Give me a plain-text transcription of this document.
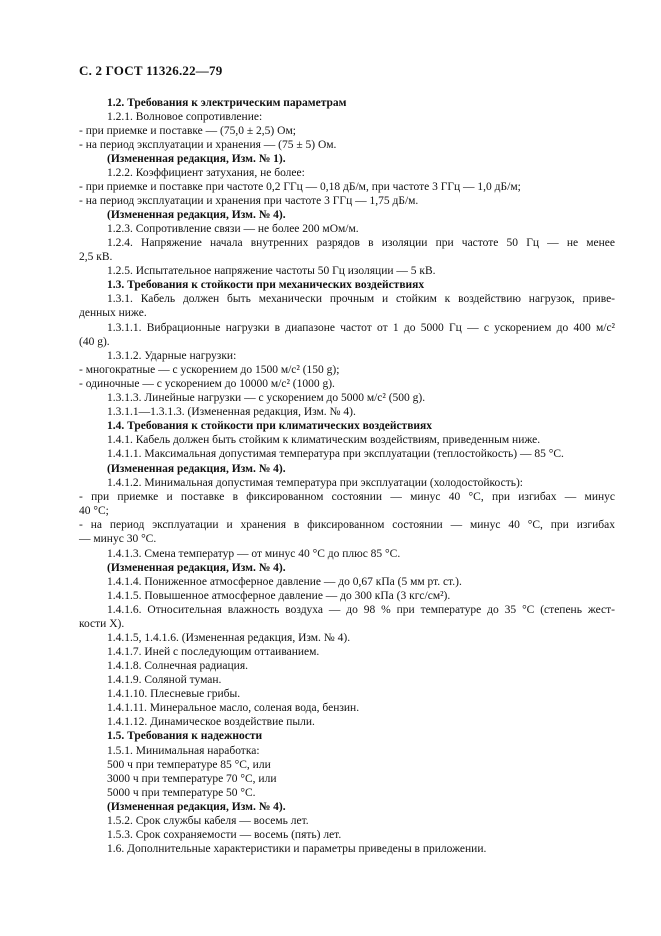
С. 2 ГОСТ 11326.22—79
1.2. Требования к электрическим параметрам
1.2.1. Волновое сопротивление:
- при приемке и поставке — (75,0 ± 2,5) Ом;
- на период эксплуатации и хранения — (75 ± 5) Ом.
(Измененная редакция, Изм. № 1).
1.2.2. Коэффициент затухания, не более:
- при приемке и поставке при частоте 0,2 ГГц — 0,18 дБ/м, при частоте 3 ГГц — 1,0 дБ/м;
- на период эксплуатации и хранения при частоте 3 ГГц — 1,75 дБ/м.
(Измененная редакция, Изм. № 4).
1.2.3. Сопротивление связи — не более 200 мОм/м.
1.2.4. Напряжение начала внутренних разрядов в изоляции при частоте 50 Гц — не менее
2,5 кВ.
1.2.5. Испытательное напряжение частоты 50 Гц изоляции — 5 кВ.
1.3. Требования к стойкости при механических воздействиях
1.3.1. Кабель должен быть механически прочным и стойким к воздействию нагрузок, приве-
денных ниже.
1.3.1.1. Вибрационные нагрузки в диапазоне частот от 1 до 5000 Гц — с ускорением до 400 м/с²
(40 g).
1.3.1.2. Ударные нагрузки:
- многократные — с ускорением до 1500 м/с² (150 g);
- одиночные — с ускорением до 10000 м/с² (1000 g).
1.3.1.3. Линейные нагрузки — с ускорением до 5000 м/с² (500 g).
1.3.1.1—1.3.1.3. (Измененная редакция, Изм. № 4).
1.4. Требования к стойкости при климатических воздействиях
1.4.1. Кабель должен быть стойким к климатическим воздействиям, приведенным ниже.
1.4.1.1. Максимальная допустимая температура при эксплуатации (теплостойкость) — 85 °С.
(Измененная редакция, Изм. № 4).
1.4.1.2. Минимальная допустимая температура при эксплуатации (холодостойкость):
- при приемке и поставке в фиксированном состоянии — минус 40 °С, при изгибах — минус
40 °С;
- на период эксплуатации и хранения в фиксированном состоянии — минус 40 °С, при изгибах
— минус 30 °С.
1.4.1.3. Смена температур — от минус 40 °С до плюс 85 °С.
(Измененная редакция, Изм. № 4).
1.4.1.4. Пониженное атмосферное давление — до 0,67 кПа (5 мм рт. ст.).
1.4.1.5. Повышенное атмосферное давление — до 300 кПа (3 кгс/см²).
1.4.1.6. Относительная влажность воздуха — до 98 % при температуре до 35 °С (степень жест-
кости Х).
1.4.1.5, 1.4.1.6. (Измененная редакция, Изм. № 4).
1.4.1.7. Иней с последующим оттаиванием.
1.4.1.8. Солнечная радиация.
1.4.1.9. Соляной туман.
1.4.1.10. Плесневые грибы.
1.4.1.11. Минеральное масло, соленая вода, бензин.
1.4.1.12. Динамическое воздействие пыли.
1.5. Требования к надежности
1.5.1. Минимальная наработка:
500 ч при температуре 85 °С, или
3000 ч при температуре 70 °С, или
5000 ч при температуре 50 °С.
(Измененная редакция, Изм. № 4).
1.5.2. Срок службы кабеля — восемь лет.
1.5.3. Срок сохраняемости — восемь (пять) лет.
1.6. Дополнительные характеристики и параметры приведены в приложении.
